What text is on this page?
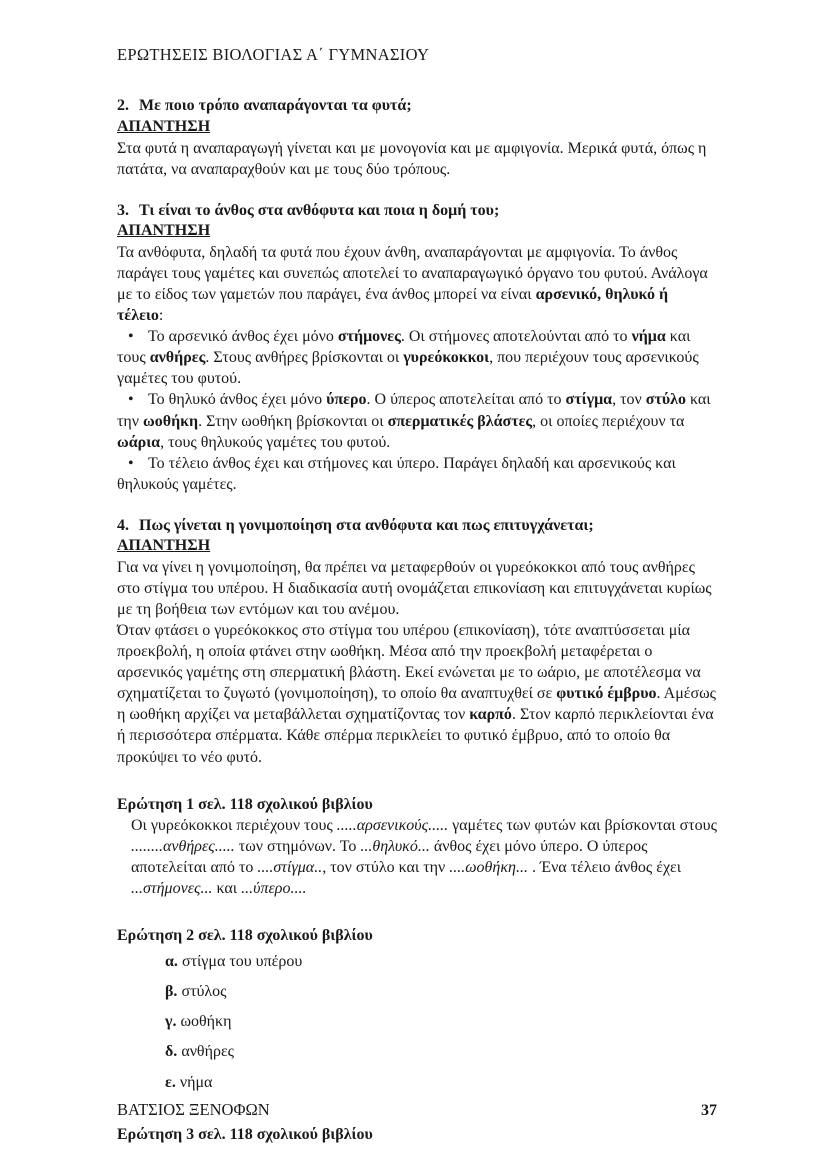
ΕΡΩΤΗΣΕΙΣ ΒΙΟΛΟΓΙΑΣ Α΄ ΓΥΜΝΑΣΙΟΥ

2. Με ποιο τρόπο αναπαράγονται τα φυτά;

ΑΠΑΝΤΗΣΗ

Στα φυτά η αναπαραγωγή γίνεται και με μονογονία και με αμφιγονία. Μερικά φυτά, όπως η πατάτα, να αναπαραχθούν και με τους δύο τρόπους.

3. Τι είναι το άνθος στα ανθόφυτα και ποια η δομή του;

ΑΠΑΝΤΗΣΗ

Τα ανθόφυτα, δηλαδή τα φυτά που έχουν άνθη, αναπαράγονται με αμφιγονία. Το άνθος παράγει τους γαμέτες και συνεπώς αποτελεί το αναπαραγωγικό όργανο του φυτού. Ανάλογα με το είδος των γαμετών που παράγει, ένα άνθος μπορεί να είναι αρσενικό, θηλυκό ή τέλειο:

• Το αρσενικό άνθος έχει μόνο στήμονες. Οι στήμονες αποτελούνται από το νήμα και τους ανθήρες. Στους ανθήρες βρίσκονται οι γυρεόκοκκοι, που περιέχουν τους αρσενικούς γαμέτες του φυτού.
• Το θηλυκό άνθος έχει μόνο ύπερο. Ο ύπερος αποτελείται από το στίγμα, τον στύλο και την ωοθήκη. Στην ωοθήκη βρίσκονται οι σπερματικές βλάστες, οι οποίες περιέχουν τα ωάρια, τους θηλυκούς γαμέτες του φυτού.
• Το τέλειο άνθος έχει και στήμονες και ύπερο. Παράγει δηλαδή και αρσενικούς και θηλυκούς γαμέτες.

4. Πως γίνεται η γονιμοποίηση στα ανθόφυτα και πως επιτυγχάνεται;

ΑΠΑΝΤΗΣΗ

Για να γίνει η γονιμοποίηση, θα πρέπει να μεταφερθούν οι γυρεόκοκκοι από τους ανθήρες στο στίγμα του υπέρου. Η διαδικασία αυτή ονομάζεται επικονίαση και επιτυγχάνεται κυρίως με τη βοήθεια των εντόμων και του ανέμου.

Όταν φτάσει ο γυρεόκοκκος στο στίγμα του υπέρου (επικονίαση), τότε αναπτύσσεται μία προεκβολή, η οποία φτάνει στην ωοθήκη. Μέσα από την προεκβολή μεταφέρεται ο αρσενικός γαμέτης στη σπερματική βλάστη. Εκεί ενώνεται με το ωάριο, με αποτέλεσμα να σχηματίζεται το ζυγωτό (γονιμοποίηση), το οποίο θα αναπτυχθεί σε φυτικό έμβρυο. Αμέσως η ωοθήκη αρχίζει να μεταβάλλεται σχηματίζοντας τον καρπό. Στον καρπό περικλείονται ένα ή περισσότερα σπέρματα. Κάθε σπέρμα περικλείει το φυτικό έμβρυο, από το οποίο θα προκύψει το νέο φυτό.

Ερώτηση 1 σελ. 118 σχολικού βιβλίου

Οι γυρεόκοκκοι περιέχουν τους .....αρσενικούς..... γαμέτες των φυτών και βρίσκονται στους ........ανθήρες..... των στημόνων. Το ...θηλυκό... άνθος έχει μόνο ύπερο. Ο ύπερος αποτελείται από το ....στίγμα.., τον στύλο και την ....ωοθήκη... . Ένα τέλειο άνθος έχει ...στήμονες... και ...ύπερο....

Ερώτηση 2 σελ. 118 σχολικού βιβλίου

α. στίγμα του υπέρου
β. στύλος
γ. ωοθήκη
δ. ανθήρες
ε. νήμα

Ερώτηση 3 σελ. 118 σχολικού βιβλίου

ΒΑΤΣΙΟΣ ΞΕΝΟΦΩΝ	37
